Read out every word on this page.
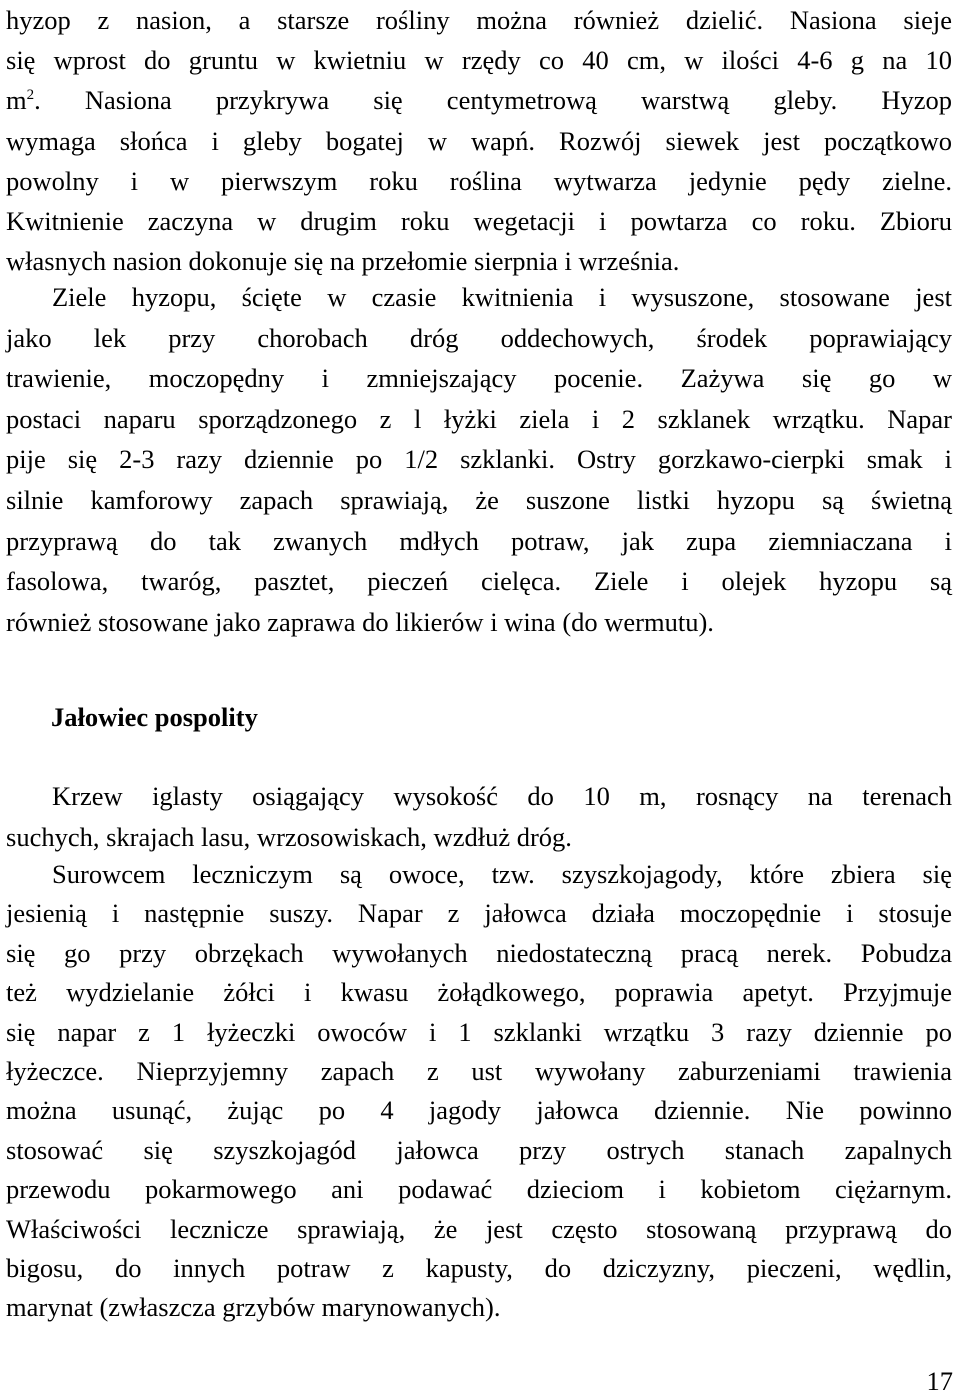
hyzop z nasion, a starsze rośliny można również dzielić. Nasiona sieje
się wprost do gruntu w kwietniu w rzędy co 40 cm, w ilości 4-6 g na 10
$m^2$. Nasiona przykrywa się centymetrową warstwą gleby. Hyzop
wymaga słońca i gleby bogatej w wapń. Rozwój siewek jest początkowo
powolny i w pierwszym roku roślina wytwarza jedynie pędy zielne.
Kwitnienie zaczyna w drugim roku wegetacji i powtarza co roku. Zbioru
własnych nasion dokonuje się na przełomie sierpnia i września.
Ziele hyzopu, ścięte w czasie kwitnienia i wysuszone, stosowane jest
jako lek przy chorobach dróg oddechowych, środek poprawiający
trawienie, moczopędny i zmniejszający pocenie. Zażywa się go w
postaci naparu sporządzonego z l łyżki ziela i 2 szklanek wrzątku. Napar
pije się 2-3 razy dziennie po 1/2 szklanki. Ostry gorzkawo-cierpki smak i
silnie kamforowy zapach sprawiają, że suszone listki hyzopu są świetną
przyprawą do tak zwanych mdłych potraw, jak zupa ziemniaczana i
fasolowa, twaróg, pasztet, pieczeń cielęca. Ziele i olejek hyzopu są
również stosowane jako zaprawa do likierów i wina (do wermutu).
Jałowiec pospolity
Krzew iglasty osiągający wysokość do 10 m, rosnący na terenach
suchych, skrajach lasu, wrzosowiskach, wzdłuż dróg.
Surowcem leczniczym są owoce, tzw. szyszkojagody, które zbiera się
jesienią i następnie suszy. Napar z jałowca działa moczopędnie i stosuje
się go przy obrzękach wywołanych niedostateczną pracą nerek. Pobudza
też wydzielanie żółci i kwasu żołądkowego, poprawia apetyt. Przyjmuje
się napar z 1 łyżeczki owoców i 1 szklanki wrzątku 3 razy dziennie po
łyżeczce. Nieprzyjemny zapach z ust wywołany zaburzeniami trawienia
można usunąć, żując po 4 jagody jałowca dziennie. Nie powinno
stosować się szyszkojagód jałowca przy ostrych stanach zapalnych
przewodu pokarmowego ani podawać dzieciom i kobietom ciężarnym.
Właściwości lecznicze sprawiają, że jest często stosowaną przyprawą do
bigosu, do innych potraw z kapusty, do dziczyzny, pieczeni, wędlin,
marynat (zwłaszcza grzybów marynowanych).
17
